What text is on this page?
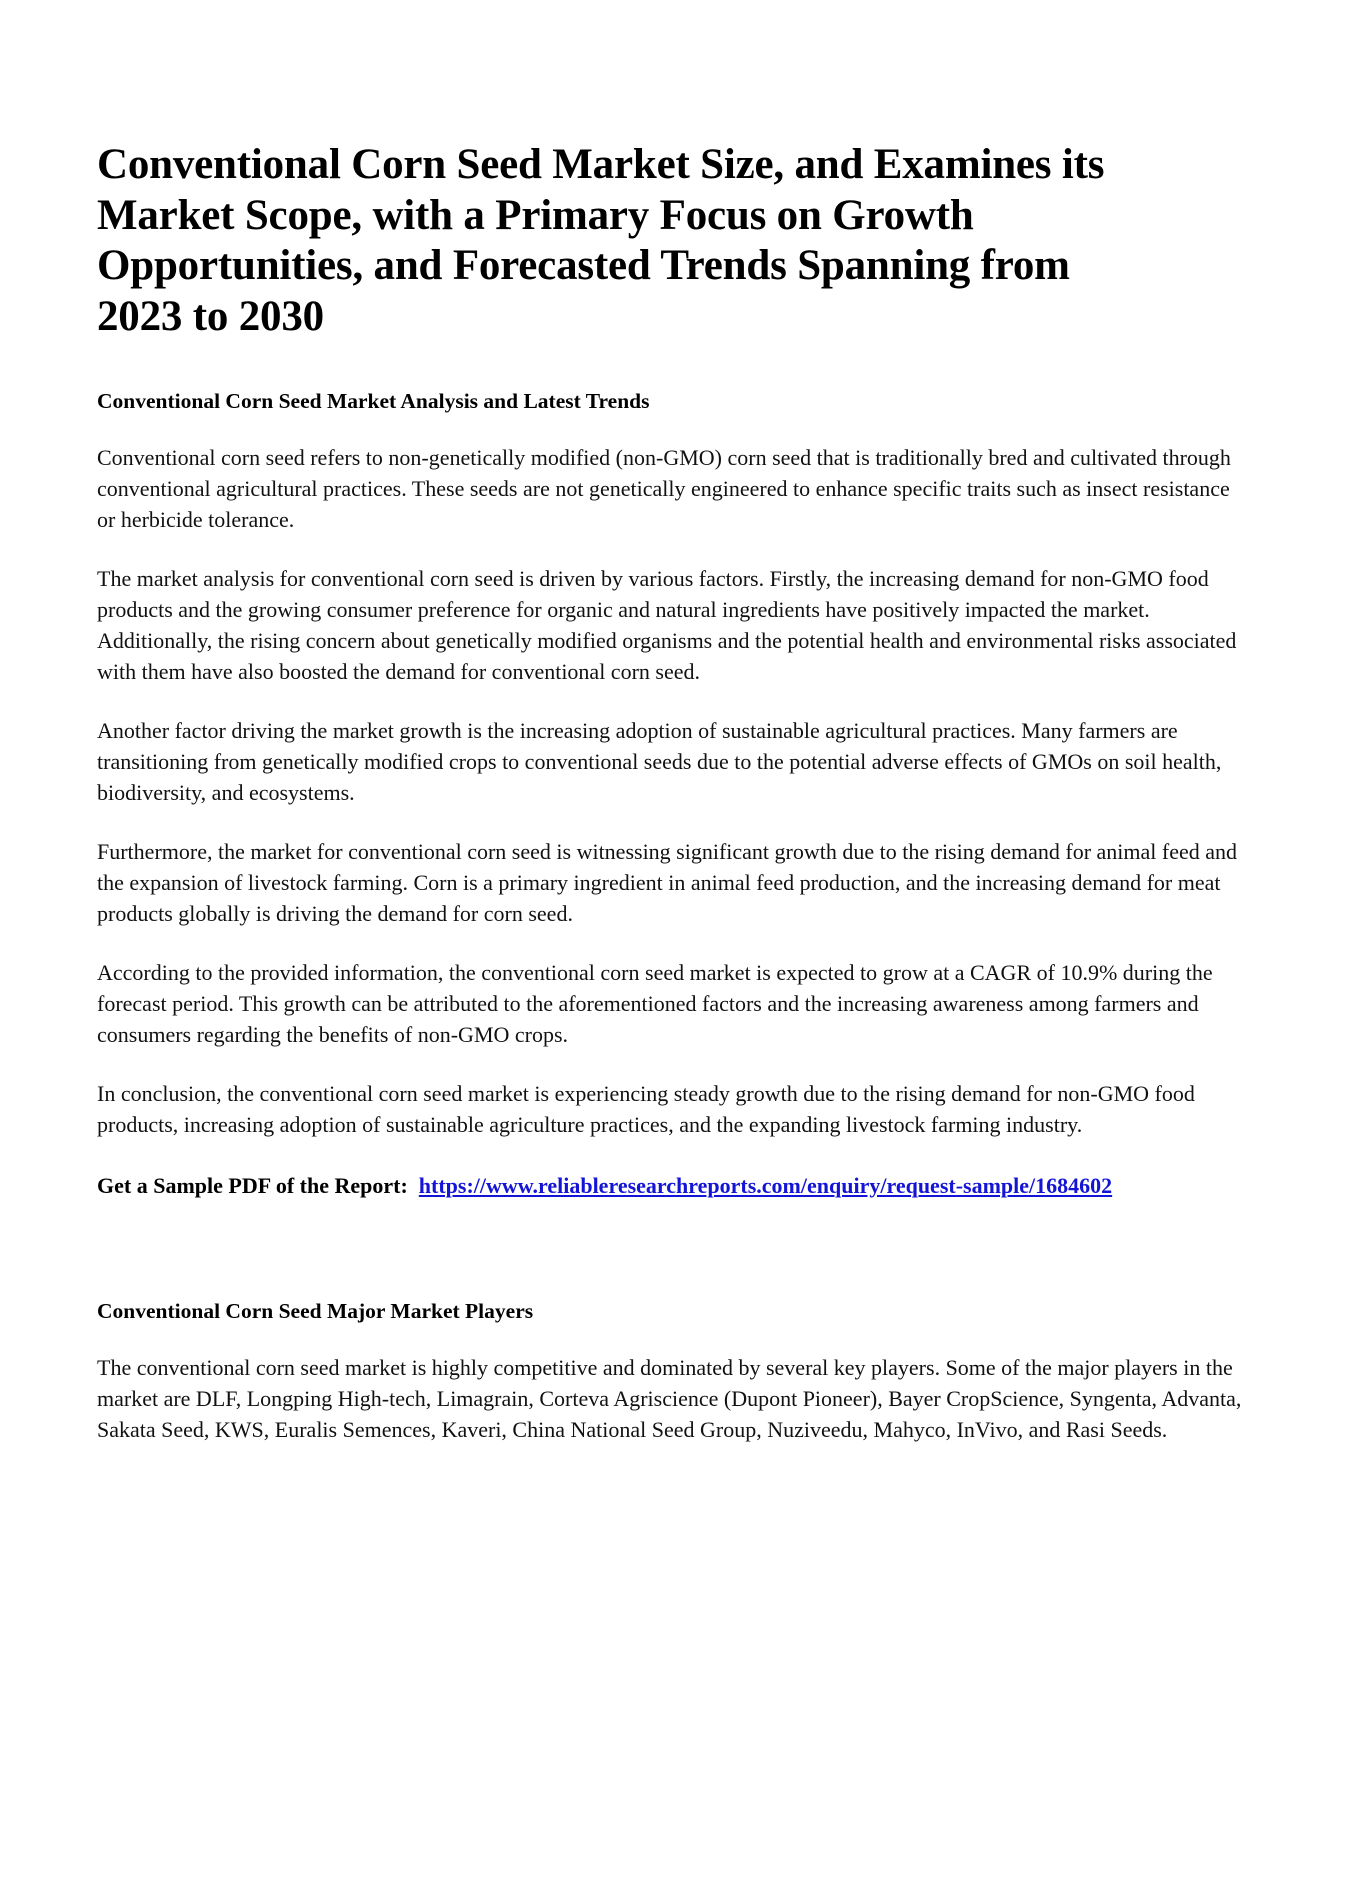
Conventional Corn Seed Market Size, and Examines its Market Scope, with a Primary Focus on Growth Opportunities, and Forecasted Trends Spanning from 2023 to 2030
Conventional Corn Seed Market Analysis and Latest Trends

Conventional corn seed refers to non-genetically modified (non-GMO) corn seed that is traditionally bred and cultivated through conventional agricultural practices. These seeds are not genetically engineered to enhance specific traits such as insect resistance or herbicide tolerance.

The market analysis for conventional corn seed is driven by various factors. Firstly, the increasing demand for non-GMO food products and the growing consumer preference for organic and natural ingredients have positively impacted the market. Additionally, the rising concern about genetically modified organisms and the potential health and environmental risks associated with them have also boosted the demand for conventional corn seed.

Another factor driving the market growth is the increasing adoption of sustainable agricultural practices. Many farmers are transitioning from genetically modified crops to conventional seeds due to the potential adverse effects of GMOs on soil health, biodiversity, and ecosystems.

Furthermore, the market for conventional corn seed is witnessing significant growth due to the rising demand for animal feed and the expansion of livestock farming. Corn is a primary ingredient in animal feed production, and the increasing demand for meat products globally is driving the demand for corn seed.

According to the provided information, the conventional corn seed market is expected to grow at a CAGR of 10.9% during the forecast period. This growth can be attributed to the aforementioned factors and the increasing awareness among farmers and consumers regarding the benefits of non-GMO crops.

In conclusion, the conventional corn seed market is experiencing steady growth due to the rising demand for non-GMO food products, increasing adoption of sustainable agriculture practices, and the expanding livestock farming industry.

Get a Sample PDF of the Report: https://www.reliableresearchreports.com/enquiry/request-sample/1684602

Conventional Corn Seed Major Market Players

The conventional corn seed market is highly competitive and dominated by several key players. Some of the major players in the market are DLF, Longping High-tech, Limagrain, Corteva Agriscience (Dupont Pioneer), Bayer CropScience, Syngenta, Advanta, Sakata Seed, KWS, Euralis Semences, Kaveri, China National Seed Group, Nuziveedu, Mahyco, InVivo, and Rasi Seeds.
